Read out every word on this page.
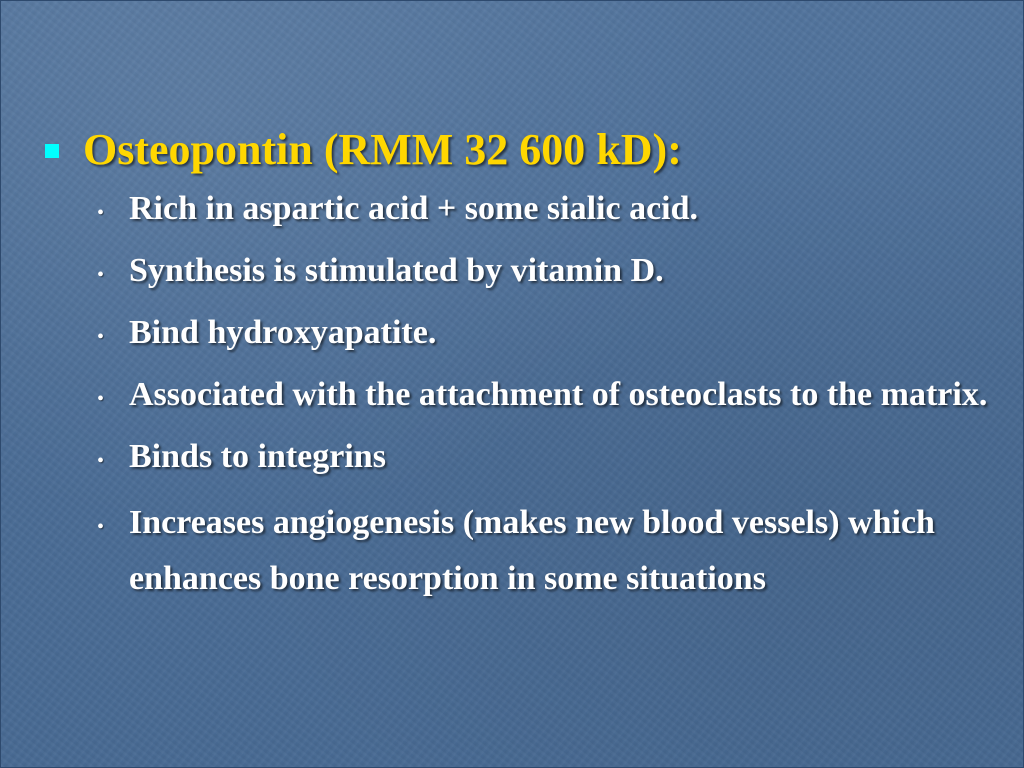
Osteopontin (RMM 32 600 kD):
• Rich in aspartic acid + some sialic acid.
• Synthesis is stimulated by vitamin D.
• Bind hydroxyapatite.
• Associated with the attachment of osteoclasts to the matrix.
• Binds to integrins
• Increases angiogenesis (makes new blood vessels) which enhances bone resorption in some situations
